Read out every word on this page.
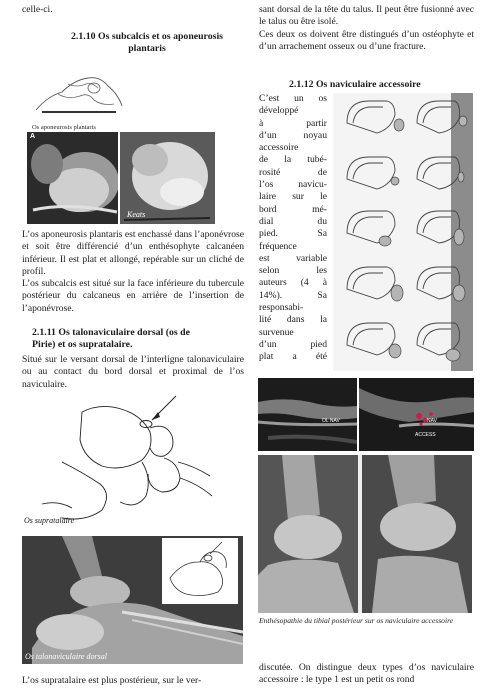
celle-ci.
2.1.10 Os subcalcis et os aponeurosis
plantaris
Os aponeurosis plantaris
A
Keats
L’os aponeurosis plantaris est enchassé dans l’aponévrose et soit être différencié d’un enthésophyte calcanéen inférieur. Il est plat et allongé, repérable sur un cliché de profil.
L’os subcalcis est situé sur la face inférieure du tubercule postérieur du calcaneus en arrière de l’insertion de l’aponévrose.
2.1.11 Os talonaviculaire dorsal (os de
Pirie) et os supratalaire.
Situé sur le versant dorsal de l’interligne talonaviculaire ou au contact du bord dorsal et proximal de l’os naviculaire.
Os supratalaire
Os talonaviculaire dorsal
L’os supratalaire est plus postérieur, sur le ver-
sant dorsal de la tête du talus. Il peut être fusionné avec le talus ou être isolé.
Ces deux os doivent être distingués d’un ostéophyte et d’un arrachement osseux ou d’une fracture.
2.1.12 Os naviculaire accessoire
C’est un os
développé
à partir
d’un noyau
accessoire
de la tubé-
rosité de
l’os navicu-
laire sur le
bord mé-
dial du
pied. Sa
fréquence
est variable
selon les
auteurs (4 à
14%). Sa
responsabi-
lité dans la
survenue
d’un pied
plat a été
OL NAV	NAV
ACCESS
Enthésopathie du tibial postérieur sur os naviculaire accessoire
discutée. On distingue deux types d’os naviculaire accessoire : le type 1 est un petit os rond
